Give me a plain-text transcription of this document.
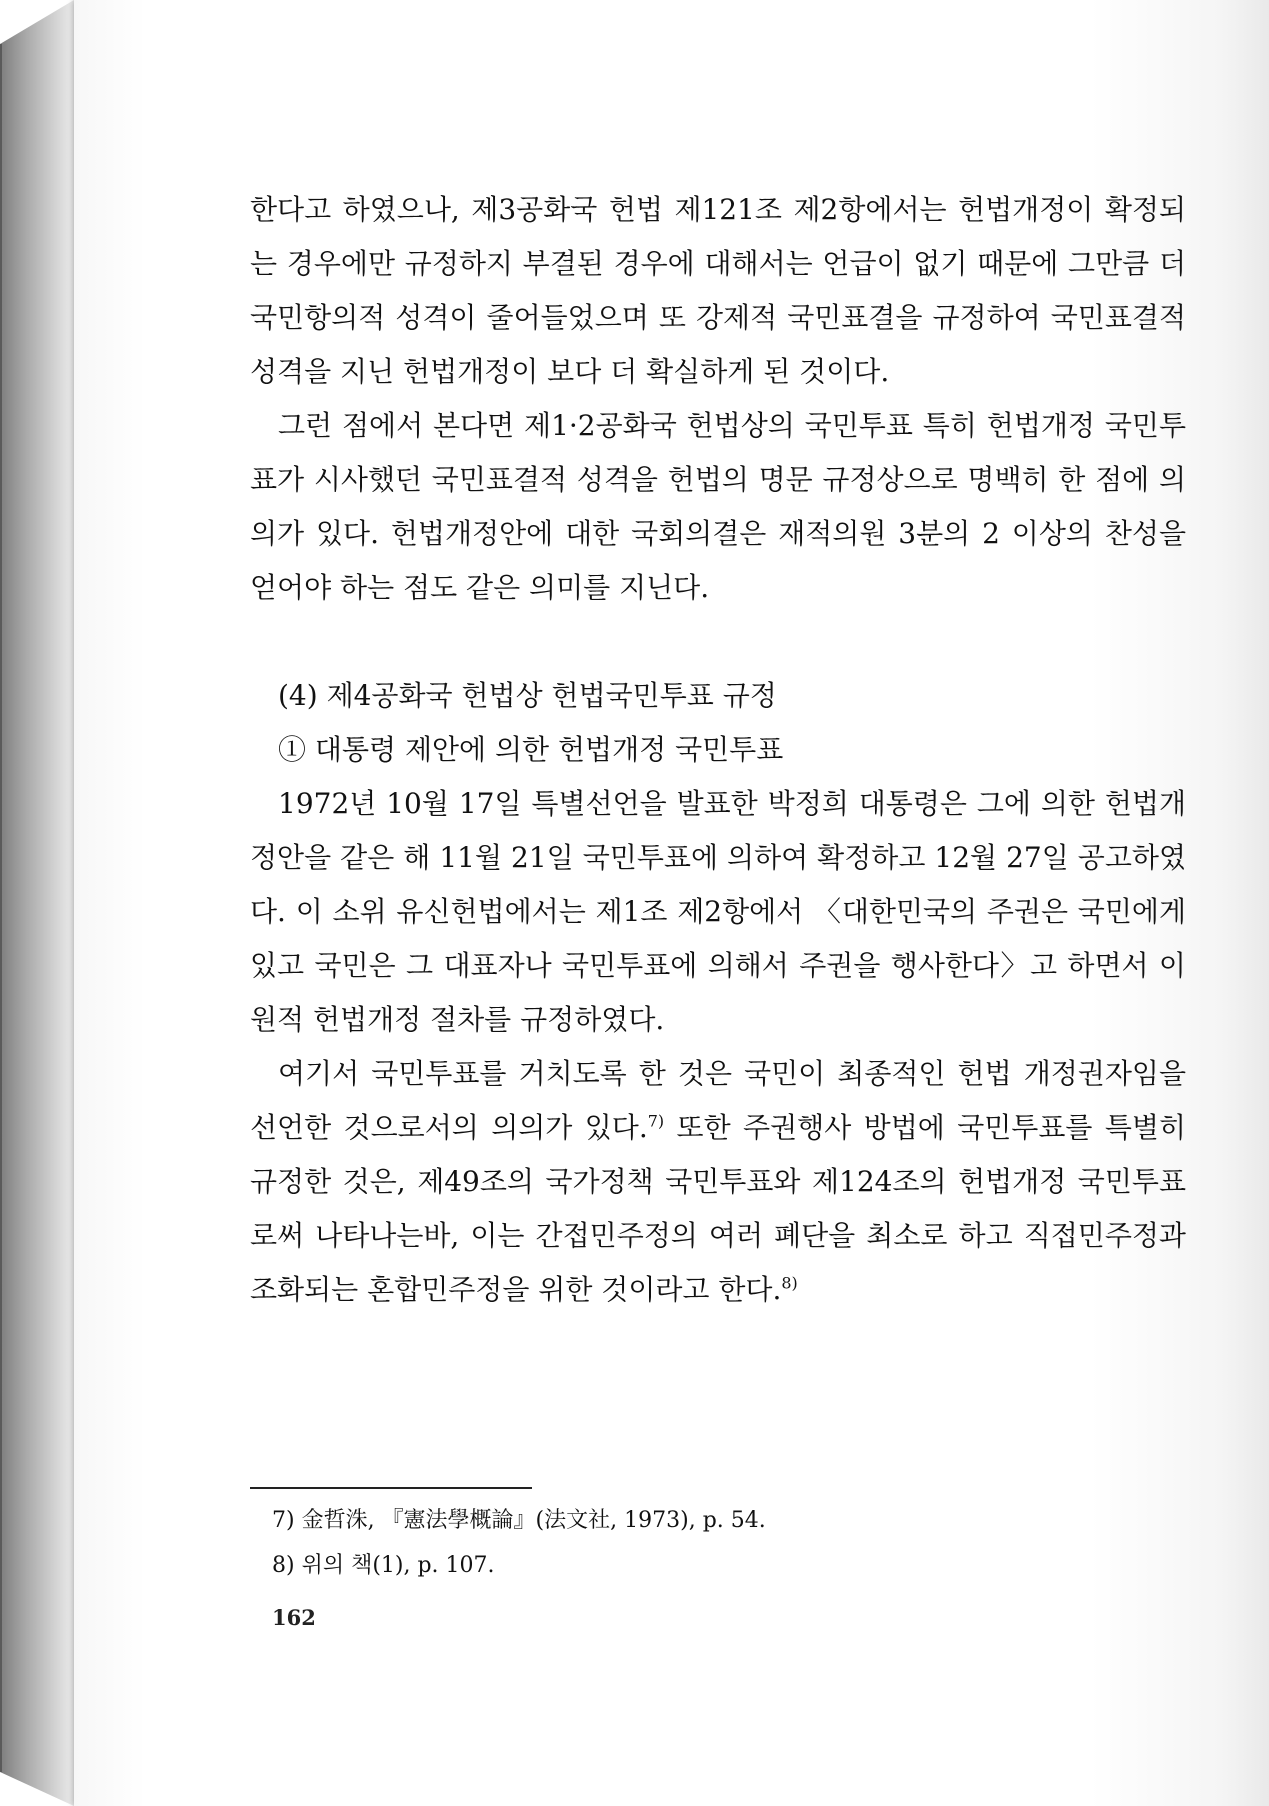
한다고 하였으나, 제3공화국 헌법 제121조 제2항에서는 헌법개정이 확정되는 경우에만 규정하지 부결된 경우에 대해서는 언급이 없기 때문에 그만큼 더 국민항의적 성격이 줄어들었으며 또 강제적 국민표결을 규정하여 국민표결적 성격을 지닌 헌법개정이 보다 더 확실하게 된 것이다.

그런 점에서 본다면 제1·2공화국 헌법상의 국민투표 특히 헌법개정 국민투표가 시사했던 국민표결적 성격을 헌법의 명문 규정상으로 명백히 한 점에 의의가 있다. 헌법개정안에 대한 국회의결은 재적의원 3분의 2 이상의 찬성을 얻어야 하는 점도 같은 의미를 지닌다.

(4) 제4공화국 헌법상 헌법국민투표 규정

① 대통령 제안에 의한 헌법개정 국민투표

1972년 10월 17일 특별선언을 발표한 박정희 대통령은 그에 의한 헌법개정안을 같은 해 11월 21일 국민투표에 의하여 확정하고 12월 27일 공고하였다. 이 소위 유신헌법에서는 제1조 제2항에서 〈대한민국의 주권은 국민에게 있고 국민은 그 대표자나 국민투표에 의해서 주권을 행사한다〉고 하면서 이원적 헌법개정 절차를 규정하였다.

여기서 국민투표를 거치도록 한 것은 국민이 최종적인 헌법 개정권자임을 선언한 것으로서의 의의가 있다.$^{7)}$ 또한 주권행사 방법에 국민투표를 특별히 규정한 것은, 제49조의 국가정책 국민투표와 제124조의 헌법개정 국민투표로써 나타나는바, 이는 간접민주정의 여러 폐단을 최소로 하고 직접민주정과 조화되는 혼합민주정을 위한 것이라고 한다.$^{8)}$

7) 金哲洙, 『憲法學概論』(法文社, 1973), p. 54.

8) 위의 책(1), p. 107.

162
